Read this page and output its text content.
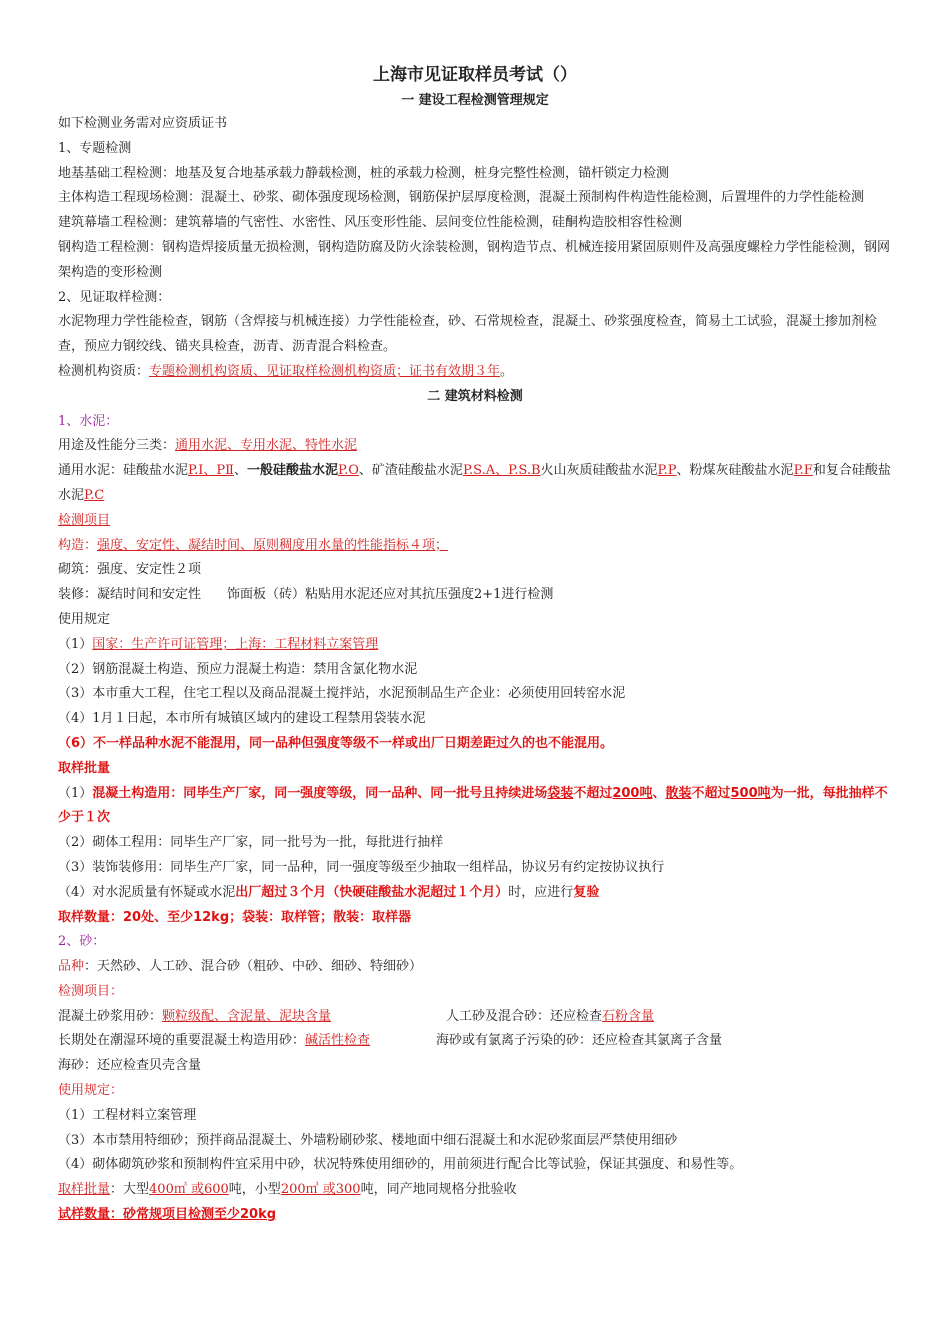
上海市见证取样员考试（）
一 建设工程检测管理规定

如下检测业务需对应资质证书

1、专题检测

地基基础工程检测：地基及复合地基承载力静载检测，桩的承载力检测，桩身完整性检测，锚杆锁定力检测

主体构造工程现场检测：混凝土、砂浆、砌体强度现场检测，钢筋保护层厚度检测，混凝土预制构件构造性能检测，后置埋件的力学性能检测

建筑幕墙工程检测：建筑幕墙的气密性、水密性、风压变形性能、层间变位性能检测，硅酮构造胶相容性检测

钢构造工程检测：钢构造焊接质量无损检测，钢构造防腐及防火涂装检测，钢构造节点、机械连接用紧固原则件及高强度螺栓力学性能检测，钢网架构造的变形检测

2、见证取样检测：

水泥物理力学性能检查，钢筋（含焊接与机械连接）力学性能检查，砂、石常规检查，混凝土、砂浆强度检查，简易土工试验，混凝土掺加剂检查，预应力钢绞线、锚夹具检查，沥青、沥青混合料检查。

检测机构资质：专题检测机构资质、见证取样检测机构资质；证书有效期３年。

二 建筑材料检测

1、水泥：

用途及性能分三类：通用水泥、专用水泥、特性水泥

通用水泥：硅酸盐水泥P.Ⅰ、PⅡ、一般硅酸盐水泥P.O、矿渣硅酸盐水泥P.S.A、P.S.B火山灰质硅酸盐水泥P.P、粉煤灰硅酸盐水泥P.F和复合硅酸盐水泥P.C

检测项目

构造：强度、安定性、凝结时间、原则稠度用水量的性能指标４项；

砌筑：强度、安定性２项

装修：凝结时间和安定性　　饰面板（砖）粘贴用水泥还应对其抗压强度2+1进行检测

使用规定

（1）国家：生产许可证管理；上海：工程材料立案管理

（2）钢筋混凝土构造、预应力混凝土构造：禁用含氯化物水泥

（3）本市重大工程，住宅工程以及商品混凝土搅拌站，水泥预制品生产企业：必须使用回转窑水泥

（4）1月１日起，本市所有城镇区域内的建设工程禁用袋装水泥

（6）不一样品种水泥不能混用，同一品种但强度等级不一样或出厂日期差距过久的也不能混用。

取样批量

（1）混凝土构造用：同毕生产厂家，同一强度等级，同一品种、同一批号且持续进场袋装不超过200吨、散装不超过500吨为一批，每批抽样不少于１次

（2）砌体工程用：同毕生产厂家，同一批号为一批，每批进行抽样

（3）装饰装修用：同毕生产厂家，同一品种，同一强度等级至少抽取一组样品，协议另有约定按协议执行

（4）对水泥质量有怀疑或水泥出厂超过３个月（快硬硅酸盐水泥超过１个月）时，应进行复验

取样数量：20处、至少12kg；袋装：取样管；散装：取样器

2、砂：

品种：天然砂、人工砂、混合砂（粗砂、中砂、细砂、特细砂）

检测项目：

混凝土砂浆用砂：颗粒级配、含泥量、泥块含量	人工砂及混合砂：还应检查石粉含量
长期处在潮湿环境的重要混凝土构造用砂：碱活性检查	海砂或有氯离子污染的砂：还应检查其氯离子含量

海砂：还应检查贝壳含量

使用规定：

（1）工程材料立案管理

（3）本市禁用特细砂；预拌商品混凝土、外墙粉刷砂浆、楼地面中细石混凝土和水泥砂浆面层严禁使用细砂

（4）砌体砌筑砂浆和预制构件宜采用中砂，状况特殊使用细砂的，用前须进行配合比等试验，保证其强度、和易性等。

取样批量：大型400㎥ 或600吨，小型200㎥ 或300吨，同产地同规格分批验收

试样数量：砂常规项目检测至少20kg
